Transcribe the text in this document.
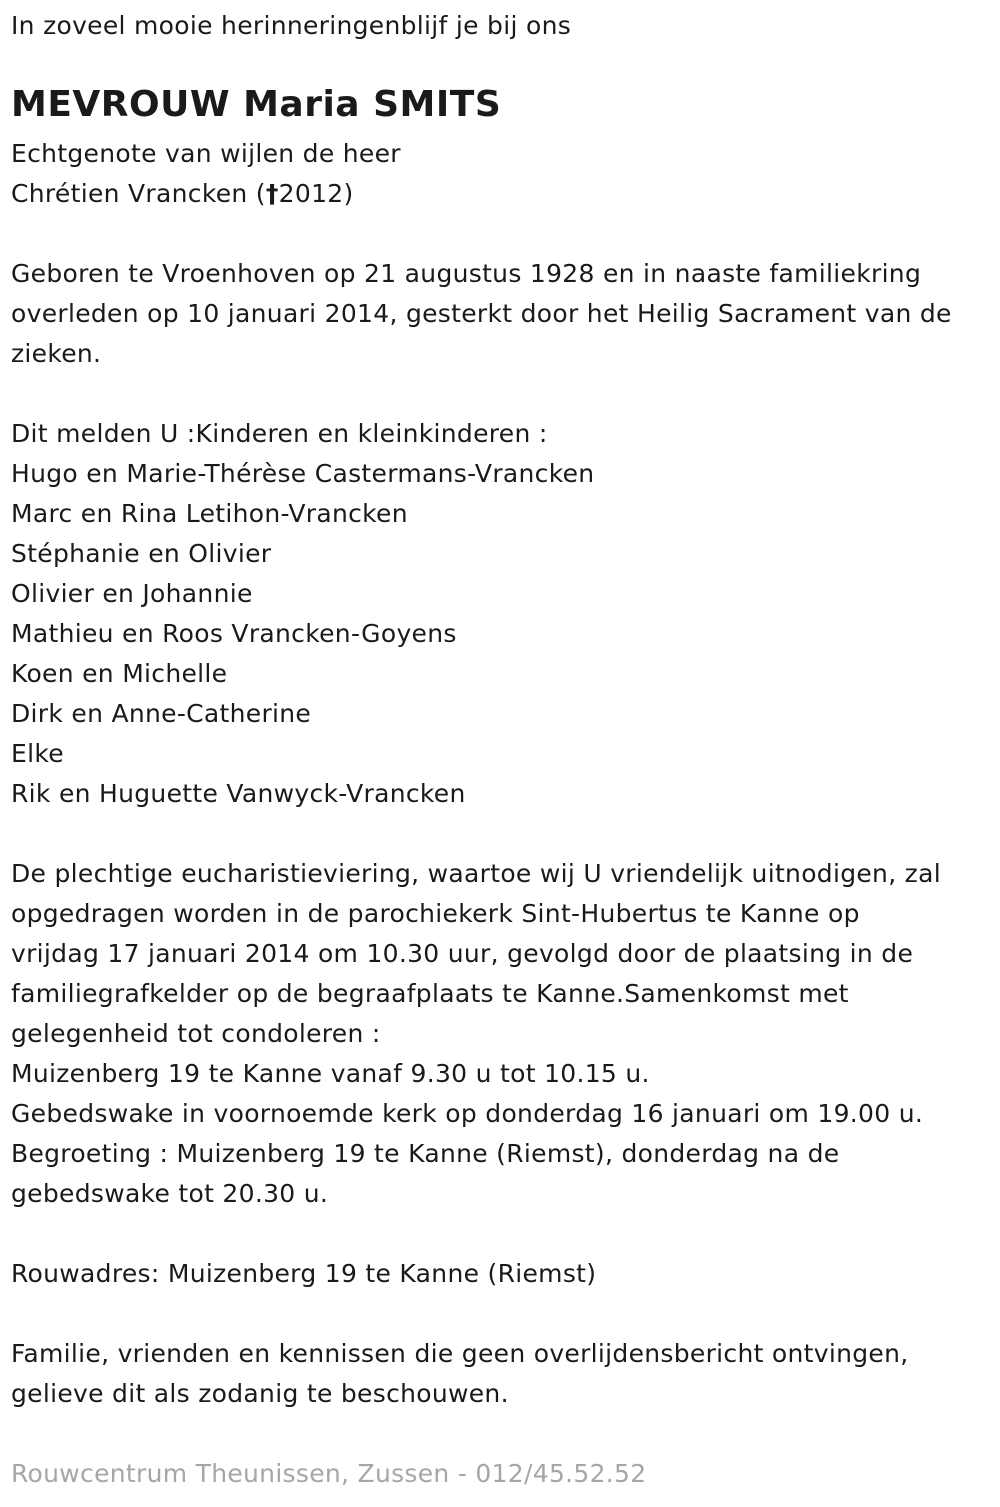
In zoveel mooie herinneringenblijf je bij ons
MEVROUW Maria SMITS
Echtgenote van wijlen de heer
Chrétien Vrancken (†2012)
Geboren te Vroenhoven op 21 augustus 1928 en in naaste familiekring
overleden op 10 januari 2014, gesterkt door het Heilig Sacrament van de
zieken.
Dit melden U :Kinderen en kleinkinderen :
Hugo en Marie-Thérèse Castermans-Vrancken
Marc en Rina Letihon-Vrancken
Stéphanie en Olivier
Olivier en Johannie
Mathieu en Roos Vrancken-Goyens
Koen en Michelle
Dirk en Anne-Catherine
Elke
Rik en Huguette Vanwyck-Vrancken
De plechtige eucharistieviering, waartoe wij U vriendelijk uitnodigen, zal
opgedragen worden in de parochiekerk Sint-Hubertus te Kanne op
vrijdag 17 januari 2014 om 10.30 uur, gevolgd door de plaatsing in de
familiegrafkelder op de begraafplaats te Kanne.Samenkomst met
gelegenheid tot condoleren :
Muizenberg 19 te Kanne vanaf 9.30 u tot 10.15 u.
Gebedswake in voornoemde kerk op donderdag 16 januari om 19.00 u.
Begroeting : Muizenberg 19 te Kanne (Riemst), donderdag na de
gebedswake tot 20.30 u.
Rouwadres: Muizenberg 19 te Kanne (Riemst)
Familie, vrienden en kennissen die geen overlijdensbericht ontvingen,
gelieve dit als zodanig te beschouwen.
Rouwcentrum Theunissen, Zussen - 012/45.52.52
